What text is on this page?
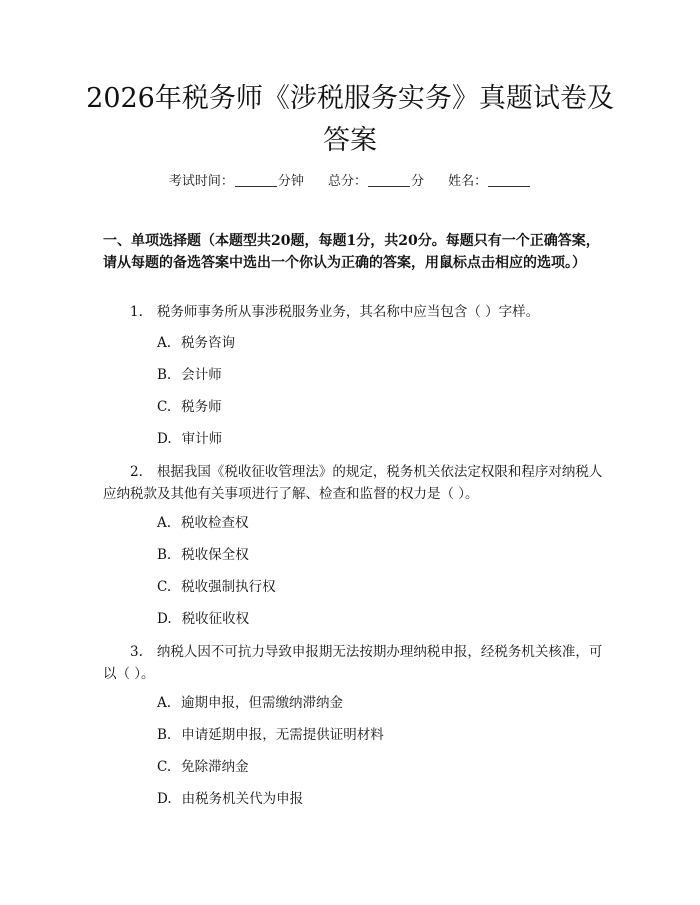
2026年税务师《涉税服务实务》真题试卷及答案
考试时间：	分钟 总分：	分 姓名：
一、单项选择题（本题型共20题，每题1分，共20分。每题只有一个正确答案，请从每题的备选答案中选出一个你认为正确的答案，用鼠标点击相应的选项。）
1. 税务师事务所从事涉税服务业务，其名称中应当包含（ ）字样。
A. 税务咨询
B. 会计师
C. 税务师
D. 审计师
2. 根据我国《税收征收管理法》的规定，税务机关依法定权限和程序对纳税人应纳税款及其他有关事项进行了解、检查和监督的权力是（ ）。
A. 税收检查权
B. 税收保全权
C. 税收强制执行权
D. 税收征收权
3. 纳税人因不可抗力导致申报期无法按期办理纳税申报，经税务机关核准，可以（ ）。
A. 逾期申报，但需缴纳滞纳金
B. 申请延期申报，无需提供证明材料
C. 免除滞纳金
D. 由税务机关代为申报
